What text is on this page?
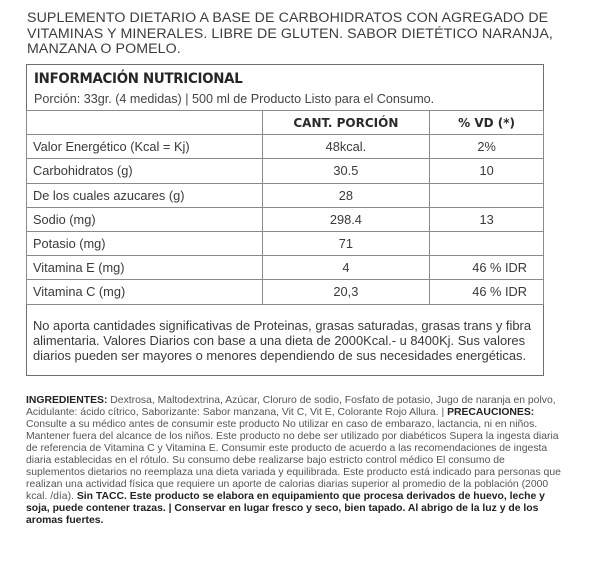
SUPLEMENTO DIETARIO A BASE DE CARBOHIDRATOS CON AGREGADO DE VITAMINAS Y MINERALES. LIBRE DE GLUTEN. SABOR DIETÉTICO NARANJA, MANZANA O POMELO.
INFORMACIÓN NUTRICIONAL
Porción: 33gr. (4 medidas) | 500 ml de Producto Listo para el Consumo.
	CANT. PORCIÓN	% VD (*)
Valor Energético (Kcal = Kj)	48kcal.	2%
Carbohidratos (g)	30.5	10
De los cuales azucares (g)	28	
Sodio (mg)	298.4	13
Potasio (mg)	71	
Vitamina E (mg)	4	46 % IDR
Vitamina C (mg)	20,3	46 % IDR
No aporta cantidades significativas de Proteinas, grasas saturadas, grasas trans y fibra alimentaria. Valores Diarios con base a una dieta de 2000Kcal.- u 8400Kj. Sus valores diarios pueden ser mayores o menores dependiendo de sus necesidades energéticas.
INGREDIENTES: Dextrosa, Maltodextrina, Azúcar, Cloruro de sodio, Fosfato de potasio, Jugo de naranja en polvo, Acidulante: ácido cítrico, Saborizante: Sabor manzana, Vit C, Vit E, Colorante Rojo Allura. | PRECAUCIONES: Consulte a su médico antes de consumir este producto No utilizar en caso de embarazo, lactancia, ni en niños. Mantener fuera del alcance de los niños. Este producto no debe ser utilizado por diabéticos Supera la ingesta diaria de referencia de Vitamina C y Vitamina E. Consumir este producto de acuerdo a las recomendaciones de ingesta diaria establecidas en el rótulo. Su consumo debe realizarse bajo estricto control médico El consumo de suplementos dietarios no reemplaza una dieta variada y equilibrada. Este producto está indicado para personas que realizan una actividad física que requiere un aporte de calorias diarias superior al promedio de la población (2000 kcal. /día). Sin TACC. Este producto se elabora en equipamiento que procesa derivados de huevo, leche y soja, puede contener trazas. | Conservar en lugar fresco y seco, bien tapado. Al abrigo de la luz y de los aromas fuertes.
